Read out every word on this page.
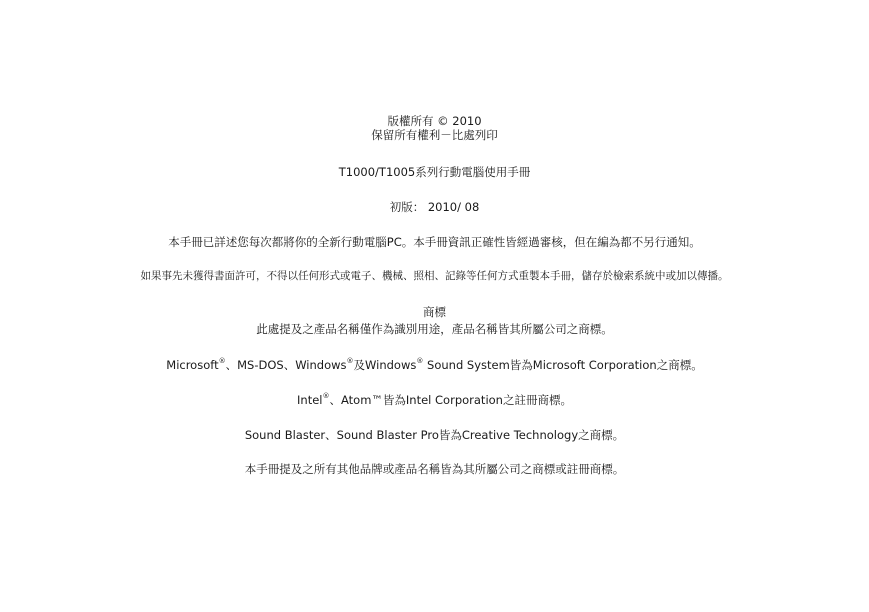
版權所有 © 2010
保留所有權利－比處列印
T1000/T1005系列行動電腦使用手冊
初版： 2010/ 08
本手冊已詳述您每次都將你的全新行動電腦PC。本手冊資訊正確性皆經過審核，但在編為都不另行通知。
如果事先未獲得書面許可，不得以任何形式或電子、機械、照相、記錄等任何方式重製本手冊，儲存於檢索系統中或加以傳播。
商標
此處提及之產品名稱僅作為識別用途，產品名稱皆其所屬公司之商標。
Microsoft®、MS-DOS、Windows®及Windows® Sound System皆為Microsoft Corporation之商標。
Intel®、Atom™皆為Intel Corporation之註冊商標。
Sound Blaster、Sound Blaster Pro皆為Creative Technology之商標。
本手冊提及之所有其他品牌或產品名稱皆為其所屬公司之商標或註冊商標。
